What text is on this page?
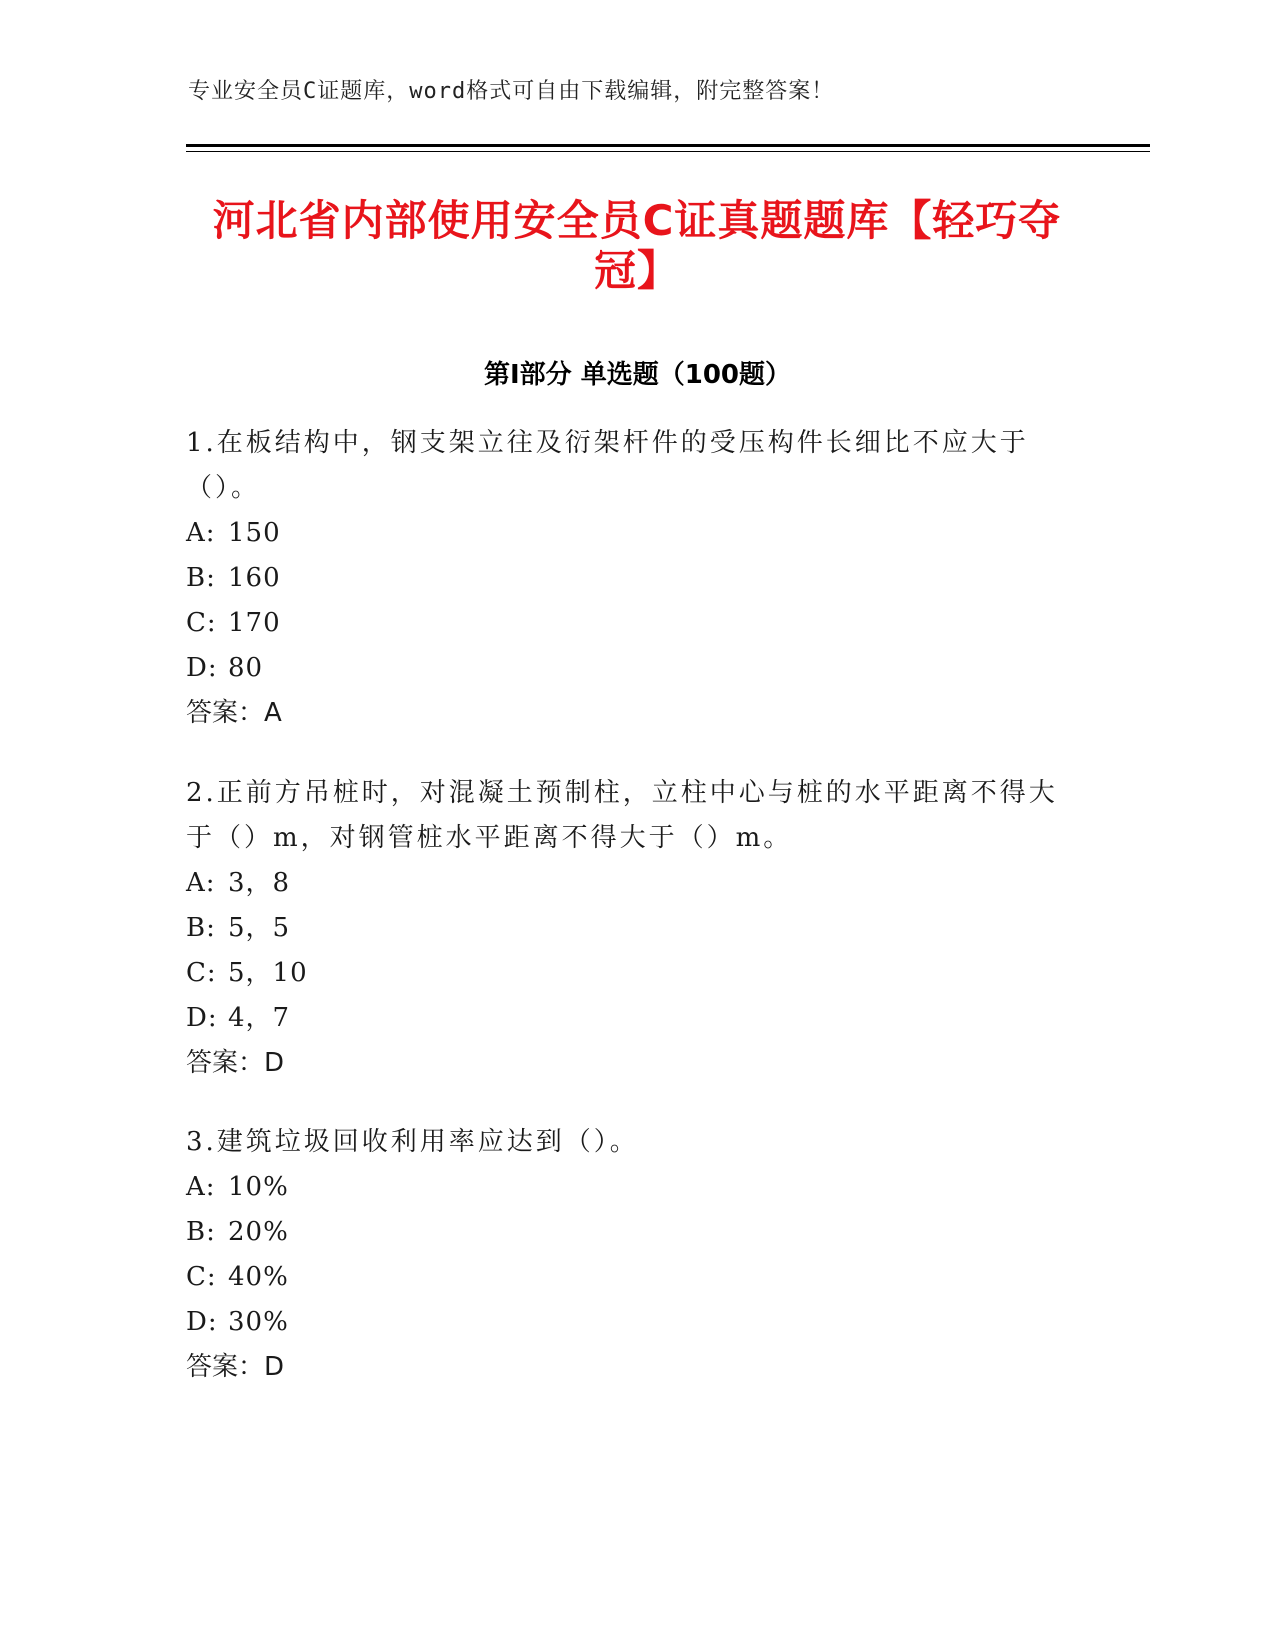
专业安全员C证题库，word格式可自由下载编辑，附完整答案！
河北省内部使用安全员C证真题题库【轻巧夺冠】
第I部分 单选题（100题）

1.在板结构中，钢支架立往及衍架杆件的受压构件长细比不应大于（）。

A: 150

B: 160

C: 170

D: 80

答案：A

2.正前方吊桩时，对混凝土预制柱，立柱中心与桩的水平距离不得大于（）m，对钢管桩水平距离不得大于（）m。

A: 3，8

B: 5，5

C: 5，10

D: 4，7

答案：D

3.建筑垃圾回收利用率应达到（）。

A: 10%

B: 20%

C: 40%

D: 30%

答案：D
